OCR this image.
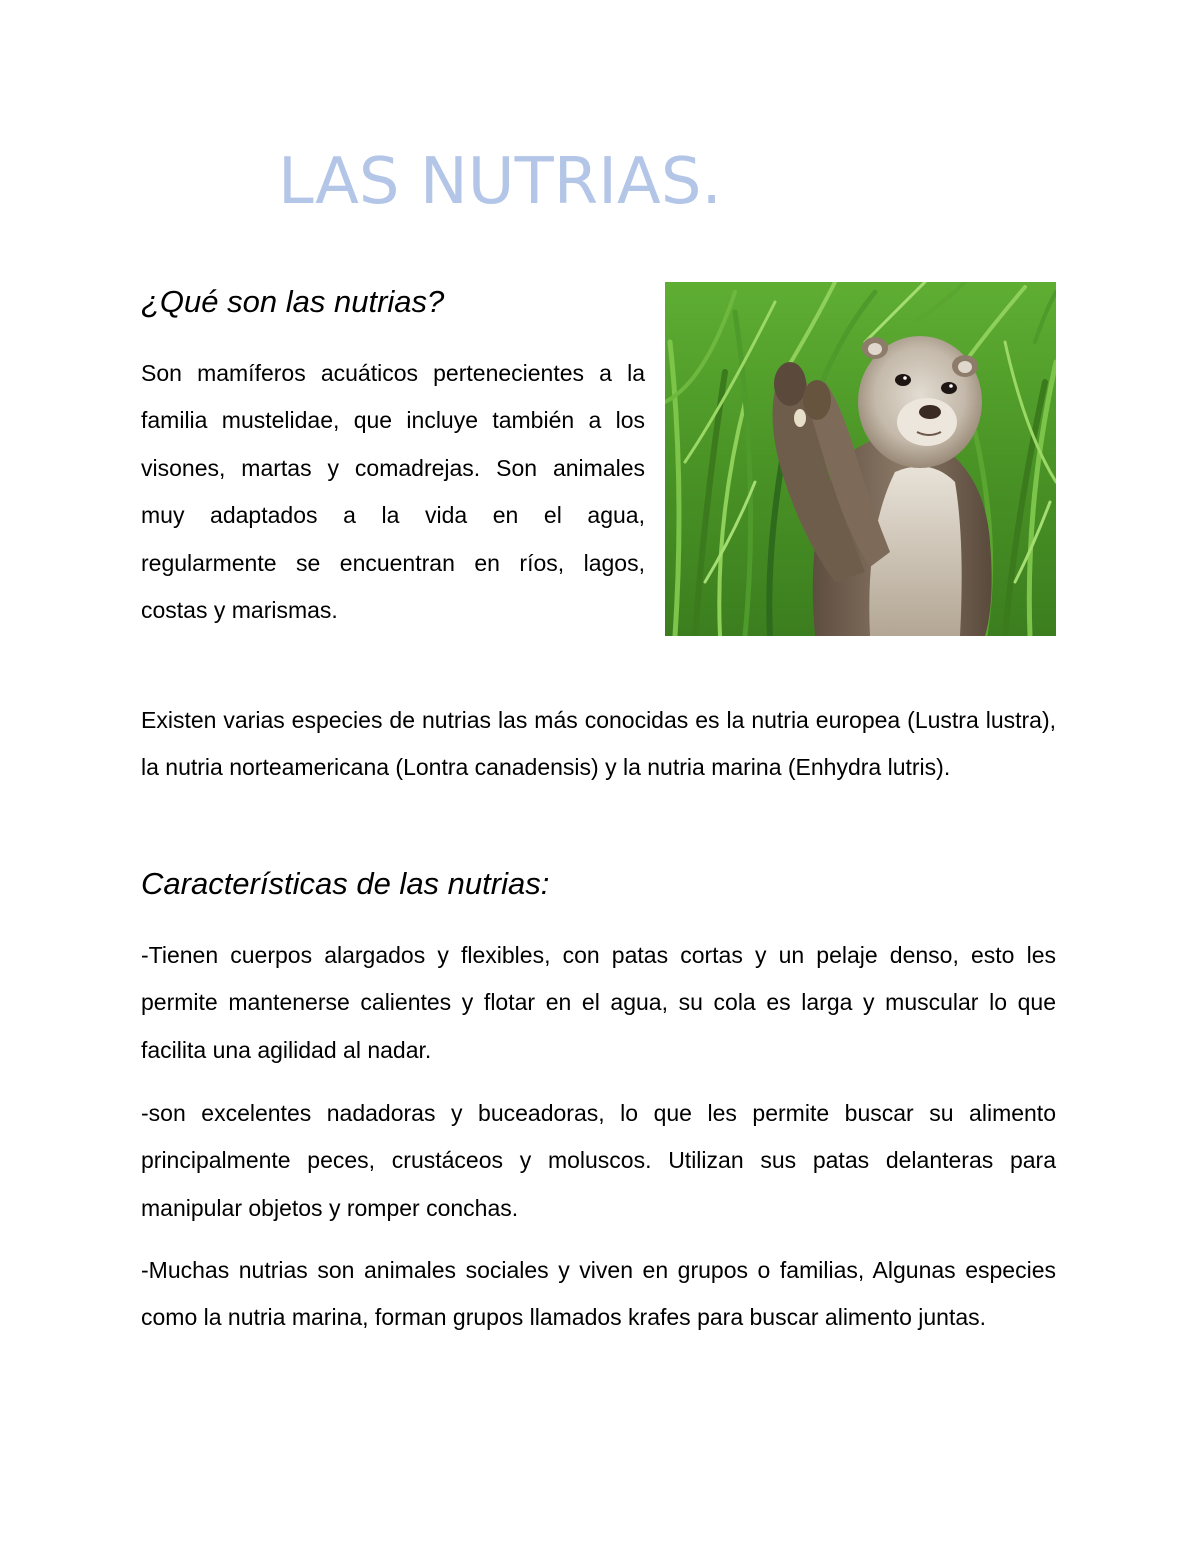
LAS NUTRIAS.
¿Qué son las nutrias?

Son mamíferos acuáticos pertenecientes a la familia mustelidae, que incluye también a los visones, martas y comadrejas. Son animales muy adaptados a la vida en el agua, regularmente se encuentran en ríos, lagos, costas y marismas.

Existen varias especies de nutrias las más conocidas es la nutria europea (Lustra lustra), la nutria norteamericana (Lontra canadensis) y la nutria marina (Enhydra lutris).

Características de las nutrias:

-Tienen cuerpos alargados y flexibles, con patas cortas y un pelaje denso, esto les permite mantenerse calientes y flotar en el agua, su cola es larga y muscular lo que facilita una agilidad al nadar.

-son excelentes nadadoras y buceadoras, lo que les permite buscar su alimento principalmente peces, crustáceos y moluscos. Utilizan sus patas delanteras para manipular objetos y romper conchas.

-Muchas nutrias son animales sociales y viven en grupos o familias, Algunas especies como la nutria marina, forman grupos llamados krafes para buscar alimento juntas.
